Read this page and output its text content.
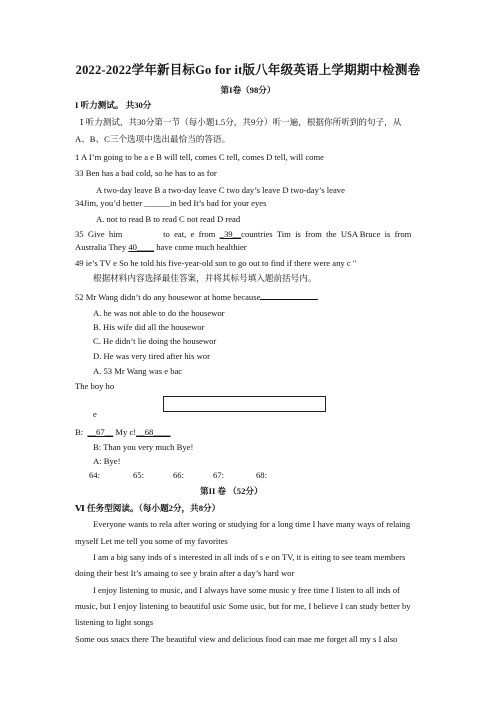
2022-2022学年新目标Go for it版八年级英语上学期期中检测卷
第I卷（98分）
I 听力测试。 共30分
Ⅰ 听力测试，共30分第一节（每小题1.5分，共9分）听一遍，根据你所听到的句子，从
A、B、C三个选项中选出最恰当的答语。
1 A I’m going to be a e B will tell, comes C tell, comes D tell, will come
33 Ben has a bad cold, so he has to as for
A two-day leave B a two-day leave C two day’s leave D two-day’s leave
34Jim, you’d better ______in bed It’s bad for your eyes
A. not to read B to read C not read D read
35  Give  him                   to  eat,  e  from  _39__countries  Tim  is  from  the  USA Bruce  is  from
Australia They 40____ have come much healthier
49 ie’s TV e So he told his five-year-old son to go out to find if there were any c "
根据材料内容选择最佳答案，并将其标号填入题前括号内。
52 Mr Wang didn’t do any housewor at home because
A. he was not able to do the housewor
B. His wife did all the housewor
C. He didn’t lie doing the housewor
D. He was very tired after his wor
A. 53 Mr Wang was e bac
The boy ho
e
B:  __67__ My c!__68____
B: Than you very much Bye!
A: Bye!
64:	65:	66:	67:	68:
第II 卷 （52分）
Ⅵ 任务型阅读。（每小题2分，共8分）
Everyone wants to rela after woring or studying for a long time I have many ways of relaing
myself Let me tell you some of my favorites
I am a big sany inds of s interested in all inds of s e on TV, it is eiting to see team members
doing their best It’s amaing to see y brain after a day’s hard wor
I enjoy listening to music, and I always have some music y free time I listen to all inds of
music, but I enjoy listening to beautiful usic Some usic, but for me, I believe I can study better by
listening to light songs
Some ous snacs there The beautiful view and delicious food can mae me forget all my s I also
